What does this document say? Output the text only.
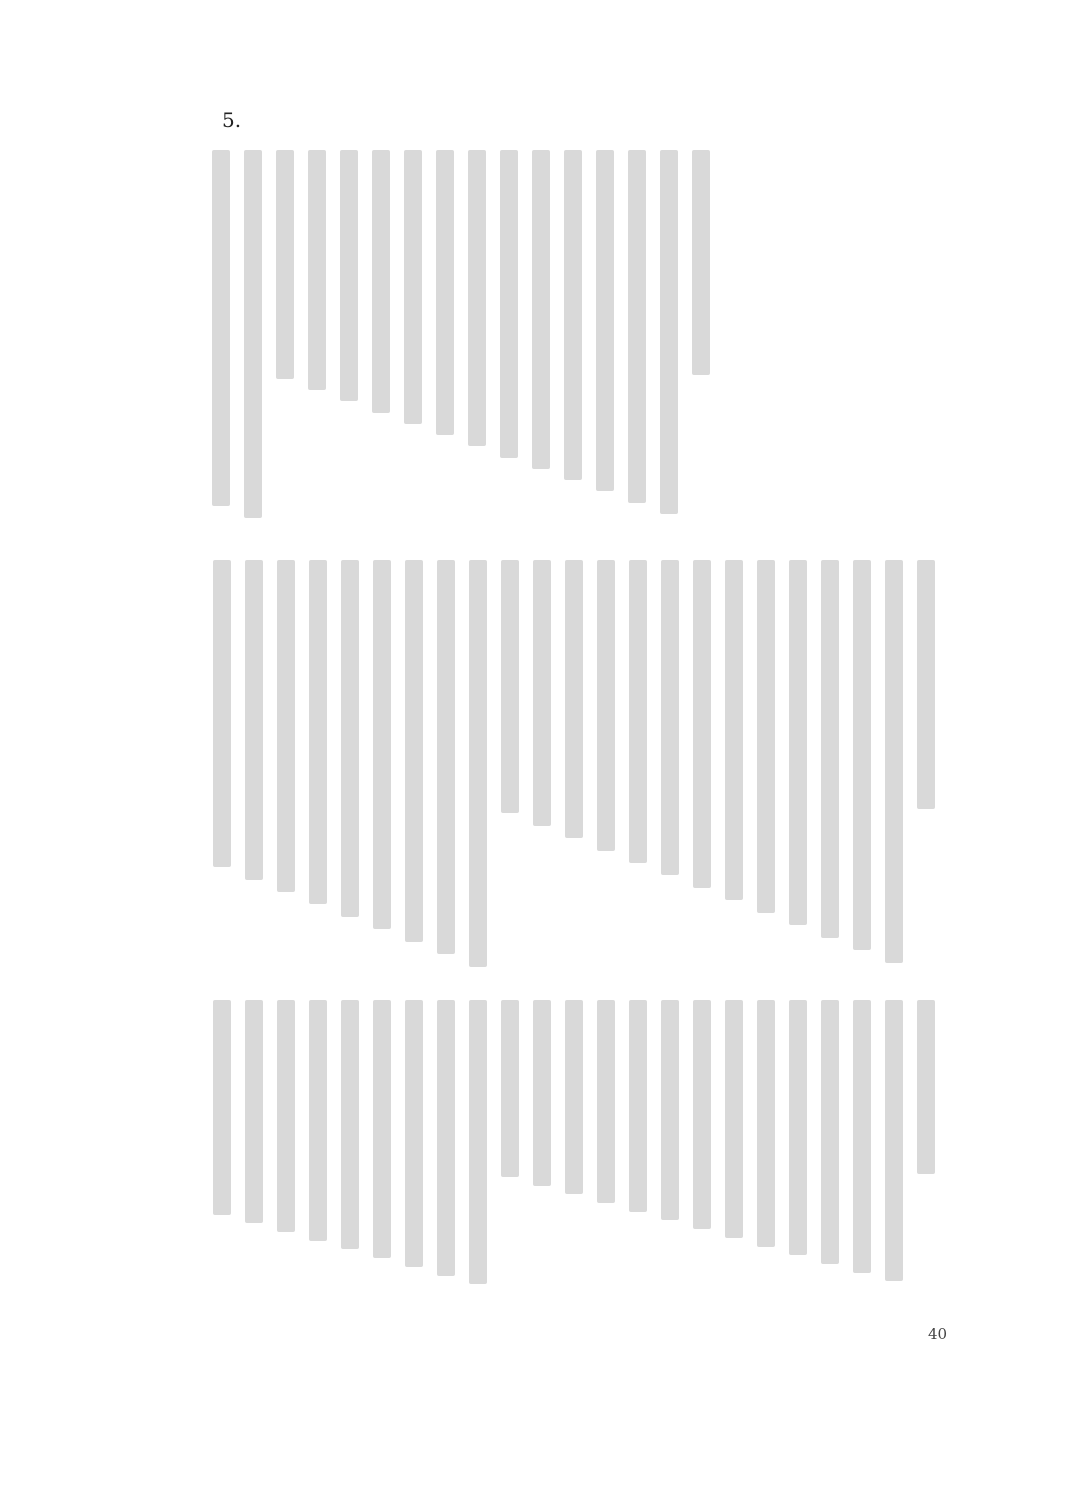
5.
40
